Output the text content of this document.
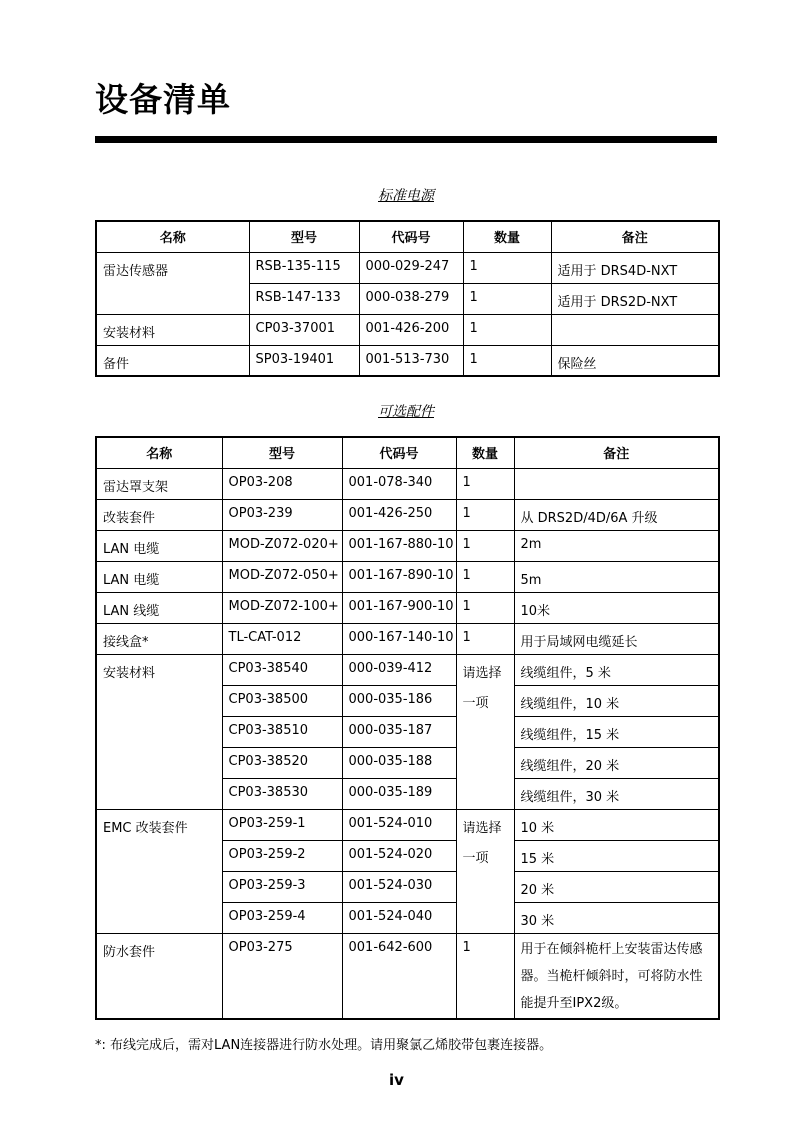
设备清单
标准电源
名称	型号	代码号	数量	备注

雷达传感器	RSB-135-115	000-029-247	1	适用于 DRS4D-NXT

	RSB-147-133	000-038-279	1	适用于 DRS2D-NXT

安装材料	CP03-37001	001-426-200	1	

备件	SP03-19401	001-513-730	1	保险丝
可选配件
名称	型号	代码号	数量	备注

雷达罩支架	OP03-208	001-078-340	1	

改装套件	OP03-239	001-426-250	1	从 DRS2D/4D/6A 升级

LAN 电缆	MOD-Z072-020+	001-167-880-10	1	2m

LAN 电缆	MOD-Z072-050+	001-167-890-10	1	5m

LAN 线缆	MOD-Z072-100+	001-167-900-10	1	10米

接线盒*	TL-CAT-012	000-167-140-10	1	用于局域网电缆延长

安装材料	CP03-38540	000-039-412	请选择一项	线缆组件，5 米

	CP03-38500	000-035-186		线缆组件，10 米

	CP03-38510	000-035-187		线缆组件，15 米

	CP03-38520	000-035-188		线缆组件，20 米

	CP03-38530	000-035-189		线缆组件，30 米

EMC 改装套件	OP03-259-1	001-524-010	请选择一项	10 米

	OP03-259-2	001-524-020		15 米

	OP03-259-3	001-524-030		20 米

	OP03-259-4	001-524-040		30 米

防水套件	OP03-275	001-642-600	1	用于在倾斜桅杆上安装雷达传感器。当桅杆倾斜时，可将防水性能提升至IPX2级。
*: 布线完成后，需对LAN连接器进行防水处理。请用聚氯乙烯胶带包裹连接器。
iv
